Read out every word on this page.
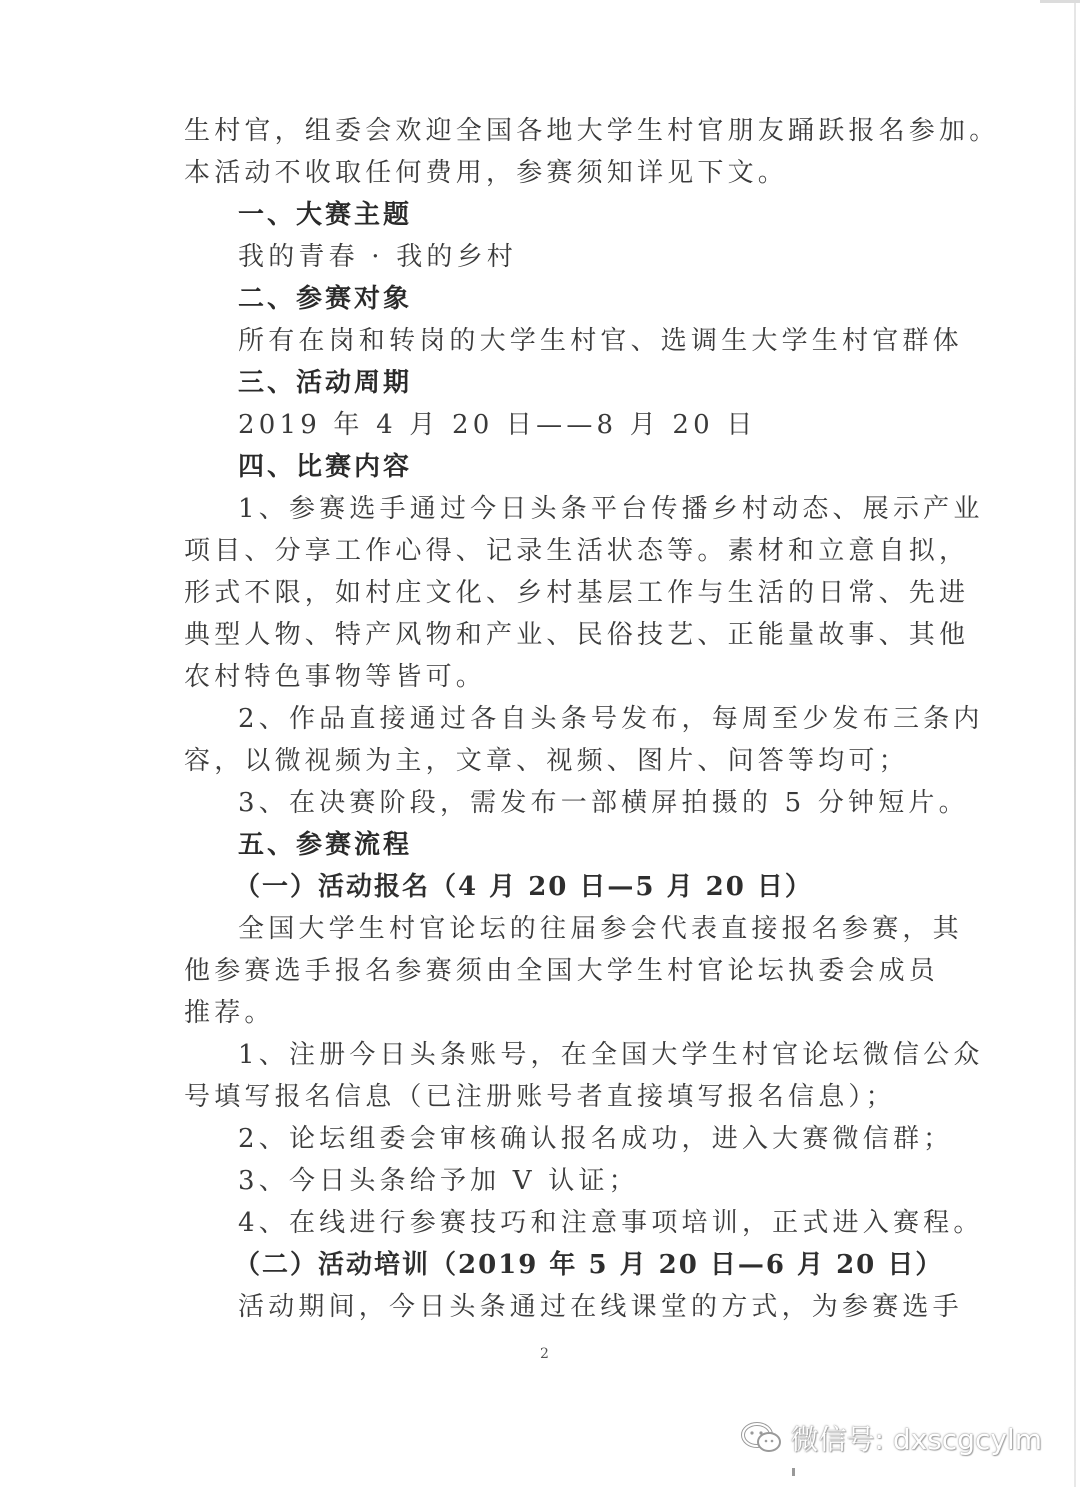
生村官，组委会欢迎全国各地大学生村官朋友踊跃报名参加。
本活动不收取任何费用，参赛须知详见下文。
一、大赛主题
我的青春 · 我的乡村
二、参赛对象
所有在岗和转岗的大学生村官、选调生大学生村官群体
三、活动周期
2019 年 4 月 20 日——8 月 20 日
四、比赛内容
1、参赛选手通过今日头条平台传播乡村动态、展示产业
项目、分享工作心得、记录生活状态等。素材和立意自拟，
形式不限，如村庄文化、乡村基层工作与生活的日常、先进
典型人物、特产风物和产业、民俗技艺、正能量故事、其他
农村特色事物等皆可。
2、作品直接通过各自头条号发布，每周至少发布三条内
容，以微视频为主，文章、视频、图片、问答等均可；
3、在决赛阶段，需发布一部横屏拍摄的 5 分钟短片。
五、参赛流程
（一）活动报名（4 月 20 日—5 月 20 日）
全国大学生村官论坛的往届参会代表直接报名参赛，其
他参赛选手报名参赛须由全国大学生村官论坛执委会成员
推荐。
1、注册今日头条账号，在全国大学生村官论坛微信公众
号填写报名信息（已注册账号者直接填写报名信息）；
2、论坛组委会审核确认报名成功，进入大赛微信群；
3、今日头条给予加 V 认证；
4、在线进行参赛技巧和注意事项培训，正式进入赛程。
（二）活动培训（2019 年 5 月 20 日—6 月 20 日）
活动期间，今日头条通过在线课堂的方式，为参赛选手
2
微信号: dxscgcylm
